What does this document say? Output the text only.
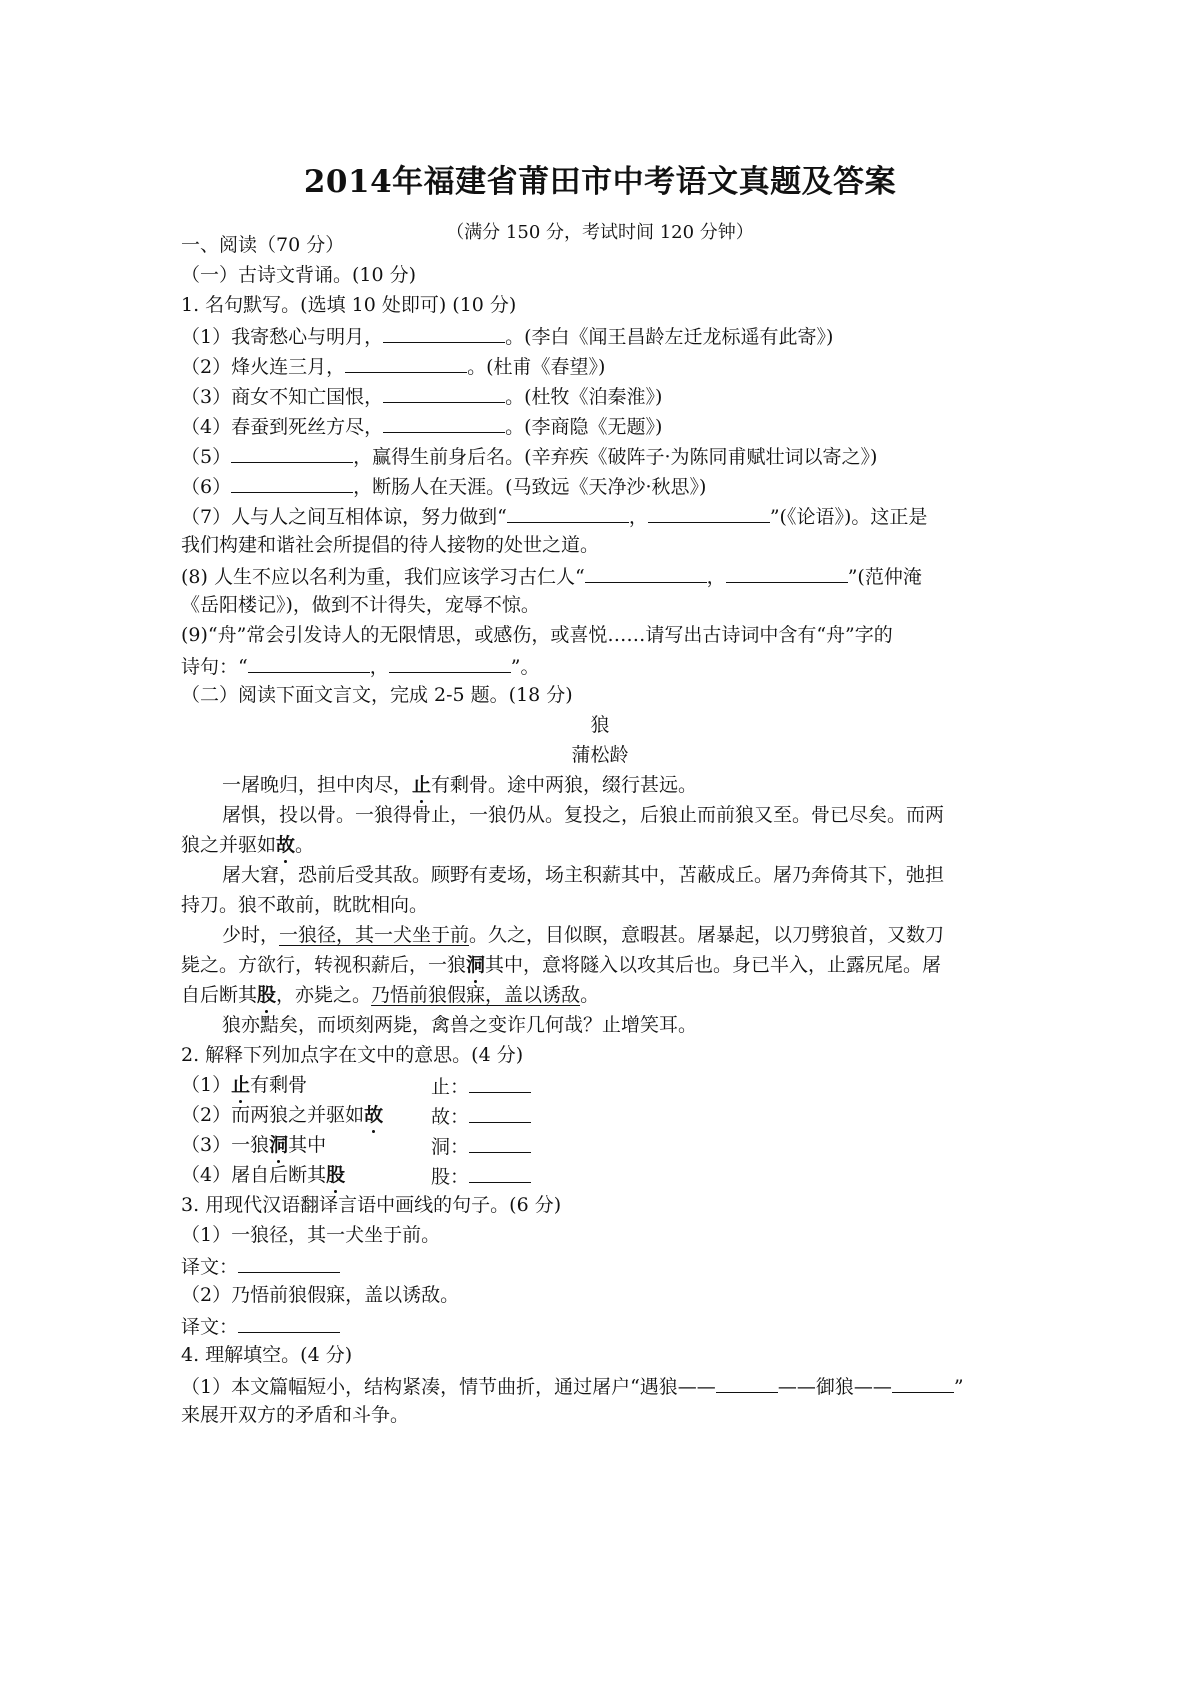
2014年福建省莆田市中考语文真题及答案
（满分 150 分，考试时间 120 分钟）
一、阅读（70 分）
（一）古诗文背诵。(10 分)
1. 名句默写。(选填 10 处即可) (10 分)
（1）我寄愁心与明月，	。(李白《闻王昌龄左迁龙标遥有此寄》)
（2）烽火连三月，	。(杜甫《春望》)
（3）商女不知亡国恨，	。(杜牧《泊秦淮》)
（4）春蚕到死丝方尽，	。(李商隐《无题》)
（5）	，赢得生前身后名。(辛弃疾《破阵子·为陈同甫赋壮词以寄之》)
（6）	，断肠人在天涯。(马致远《天净沙·秋思》)
（7）人与人之间互相体谅，努力做到“	，	”(《论语》)。这正是
我们构建和谐社会所提倡的待人接物的处世之道。
(8) 人生不应以名利为重，我们应该学习古仁人“	，	”(范仲淹
《岳阳楼记》)，做到不计得失，宠辱不惊。
(9)“舟”常会引发诗人的无限情思，或感伤，或喜悦……请写出古诗词中含有“舟”字的
诗句：“	，	”。
（二）阅读下面文言文，完成 2-5 题。(18 分)
狼
蒲松龄
一屠晚归，担中肉尽，止有剩骨。途中两狼，缀行甚远。
屠惧，投以骨。一狼得骨止，一狼仍从。复投之，后狼止而前狼又至。骨已尽矣。而两
狼之并驱如故。
屠大窘，恐前后受其敌。顾野有麦场，场主积薪其中，苫蔽成丘。屠乃奔倚其下，弛担
持刀。狼不敢前，眈眈相向。
少时，一狼径，其一犬坐于前。久之，目似瞑，意暇甚。屠暴起，以刀劈狼首，又数刀
毙之。方欲行，转视积薪后，一狼洞其中，意将隧入以攻其后也。身已半入，止露尻尾。屠
自后断其股，亦毙之。乃悟前狼假寐，盖以诱敌。
狼亦黠矣，而顷刻两毙，禽兽之变诈几何哉？止增笑耳。
2. 解释下列加点字在文中的意思。(4 分)
（1）止有剩骨	止：
（2）而两狼之并驱如故	故：
（3）一狼洞其中	洞：
（4）屠自后断其股	股：
3. 用现代汉语翻译言语中画线的句子。(6 分)
（1）一狼径，其一犬坐于前。
译文：
（2）乃悟前狼假寐，盖以诱敌。
译文：
4. 理解填空。(4 分)
（1）本文篇幅短小，结构紧凑，情节曲折，通过屠户“遇狼——	——御狼——	”
来展开双方的矛盾和斗争。
